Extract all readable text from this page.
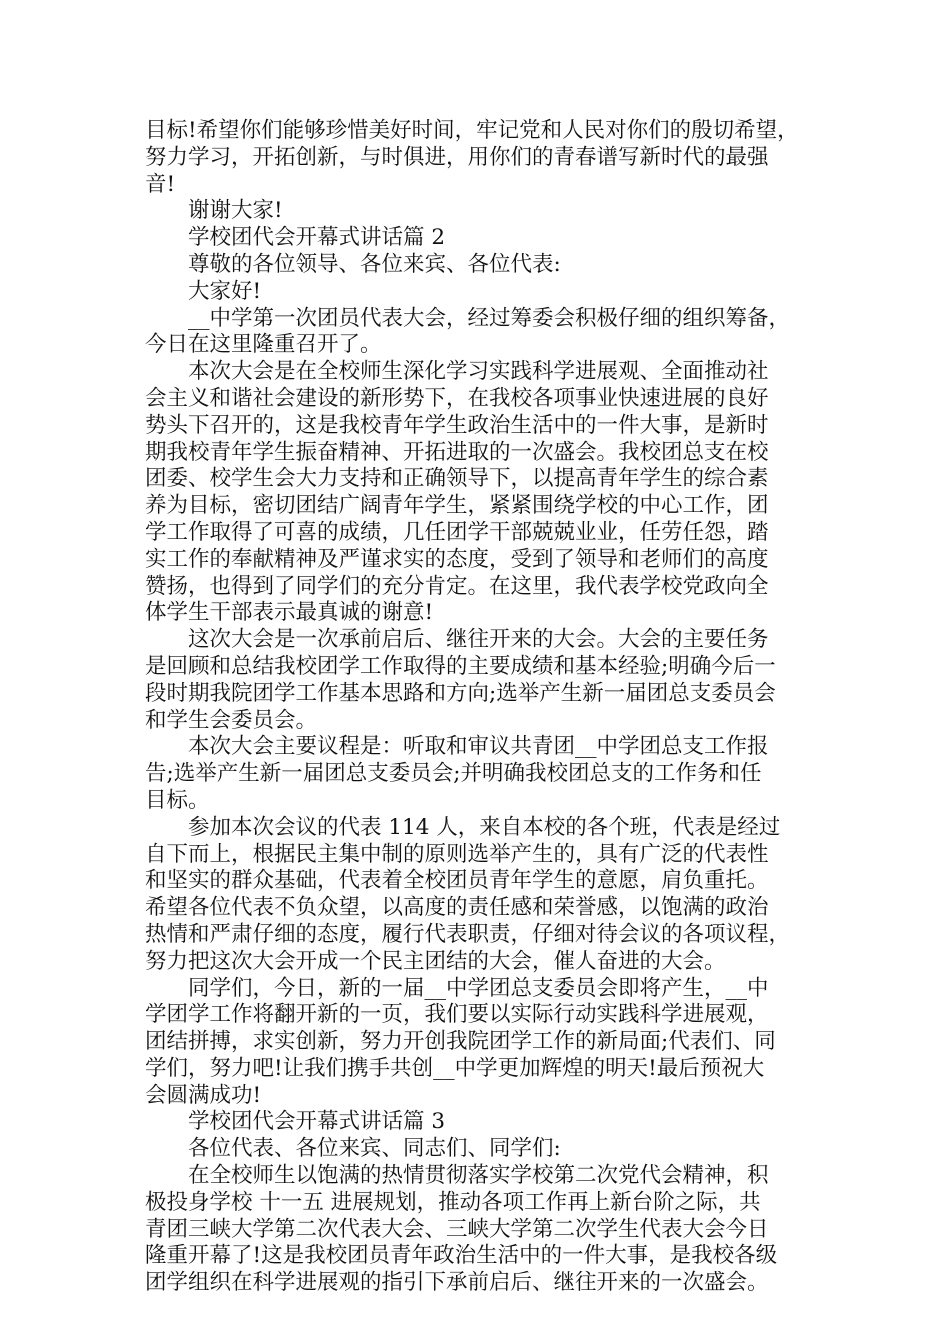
目标!希望你们能够珍惜美好时间，牢记党和人民对你们的殷切希望，
努力学习，开拓创新，与时俱进，用你们的青春谱写新时代的最强
音!

谢谢大家!

学校团代会开幕式讲话篇 2

尊敬的各位领导、各位来宾、各位代表:

大家好!

__中学第一次团员代表大会，经过筹委会积极仔细的组织筹备，
今日在这里隆重召开了。

本次大会是在全校师生深化学习实践科学进展观、全面推动社
会主义和谐社会建设的新形势下，在我校各项事业快速进展的良好
势头下召开的，这是我校青年学生政治生活中的一件大事，是新时
期我校青年学生振奋精神、开拓进取的一次盛会。我校团总支在校
团委、校学生会大力支持和正确领导下，以提高青年学生的综合素
养为目标，密切团结广阔青年学生，紧紧围绕学校的中心工作，团
学工作取得了可喜的成绩，几任团学干部兢兢业业，任劳任怨，踏
实工作的奉献精神及严谨求实的态度，受到了领导和老师们的高度
赞扬，也得到了同学们的充分肯定。在这里，我代表学校党政向全
体学生干部表示最真诚的谢意!

这次大会是一次承前启后、继往开来的大会。大会的主要任务
是回顾和总结我校团学工作取得的主要成绩和基本经验;明确今后一
段时期我院团学工作基本思路和方向;选举产生新一届团总支委员会
和学生会委员会。

本次大会主要议程是：听取和审议共青团__中学团总支工作报
告;选举产生新一届团总支委员会;并明确我校团总支的工作务和任
目标。

参加本次会议的代表 114 人，来自本校的各个班，代表是经过
自下而上，根据民主集中制的原则选举产生的，具有广泛的代表性
和坚实的群众基础，代表着全校团员青年学生的意愿，肩负重托。
希望各位代表不负众望，以高度的责任感和荣誉感，以饱满的政治
热情和严肃仔细的态度，履行代表职责，仔细对待会议的各项议程，
努力把这次大会开成一个民主团结的大会，催人奋进的大会。

同学们，今日，新的一届__中学团总支委员会即将产生，__中
学团学工作将翻开新的一页，我们要以实际行动实践科学进展观，
团结拼搏，求实创新，努力开创我院团学工作的新局面;代表们、同
学们，努力吧!让我们携手共创__中学更加辉煌的明天!最后预祝大
会圆满成功!

学校团代会开幕式讲话篇 3

各位代表、各位来宾、同志们、同学们:

在全校师生以饱满的热情贯彻落实学校第二次党代会精神，积
极投身学校 十一五 进展规划，推动各项工作再上新台阶之际，共
青团三峡大学第二次代表大会、三峡大学第二次学生代表大会今日
隆重开幕了!这是我校团员青年政治生活中的一件大事，是我校各级
团学组织在科学进展观的指引下承前启后、继往开来的一次盛会。
